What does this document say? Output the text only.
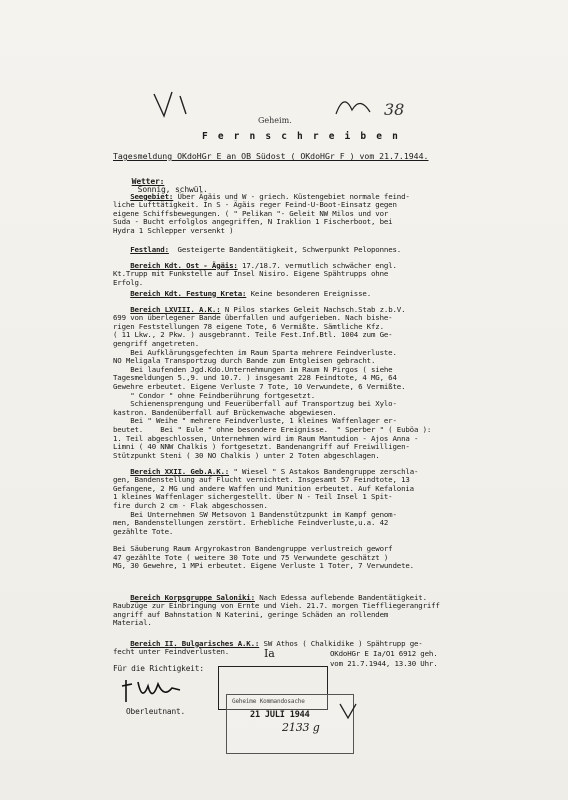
Geheim.
38
F e r n s c h r e i b e n
Tagesmeldung OKdoHGr E an OB Südost ( OKdoHGr F ) vom 21.7.1944.

Wetter:
Sonnig, schwül.

Seegebiet: Über Ägäis und W - griech. Küstengebiet normale feind-
liche Lufttätigkeit. In S - Ägäis reger Feind-U-Boot-Einsatz gegen
eigene Schiffsbewegungen. ( " Pelikan "- Geleit NW Milos und vor
Suda - Bucht erfolglos angegriffen, N Iraklion 1 Fischerboot, bei
Hydra 1 Schlepper versenkt )

Festland: Gesteigerte Bandentätigkeit, Schwerpunkt Peloponnes.

Bereich Kdt. Ost - Ägäis: 17./18.7. vermutlich schwächer engl.
Kt.Trupp mit Funkstelle auf Insel Nisiro. Eigene Spähtrupps ohne
Erfolg.

Bereich Kdt. Festung Kreta: Keine besonderen Ereignisse.

Bereich LXVIII. A.K.: N Pilos starkes Geleit Nachsch.Stab z.b.V.
699 von überlegener Bande überfallen und aufgerieben. Nach bishe-
rigen Feststellungen 78 eigene Tote, 6 Vermißte. Sämtliche Kfz.
( 11 Lkw., 2 Pkw. ) ausgebrannt. Teile Fest.Inf.Btl. 1004 zum Ge-
gengriff angetreten.
Bei Aufklärungsgefechten im Raum Sparta mehrere Feindverluste.
NO Meligala Transportzug durch Bande zum Entgleisen gebracht.
Bei laufenden Jgd.Kdo.Unternehmungen im Raum N Pirgos ( siehe
Tagesmeldungen 5.,9. und 10.7. ) insgesamt 228 Feindtote, 4 MG, 64
Gewehre erbeutet. Eigene Verluste 7 Tote, 10 Verwundete, 6 Vermißte.
" Condor " ohne Feindberührung fortgesetzt.
Schienensprengung und Feuerüberfall auf Transportzug bei Xylo-
kastron. Bandenüberfall auf Brückenwache abgewiesen.
Bei " Weihe " mehrere Feindverluste, 1 kleines Waffenlager er-
beutet.    Bei " Eule " ohne besondere Ereignisse.  " Sperber " ( Euböa ):
1. Teil abgeschlossen, Unternehmen wird im Raum Mantudion - Ajos Anna -
Limni ( 40 NNW Chalkis ) fortgesetzt. Bandenangriff auf Freiwilligen-
Stützpunkt Steni ( 30 NO Chalkis ) unter 2 Toten abgeschlagen.

Bereich XXII. Geb.A.K.: " Wiesel " S Astakos Bandengruppe zerschla-
gen, Bandenstellung auf Flucht vernichtet. Insgesamt 57 Feindtote, 13
Gefangene, 2 MG und andere Waffen und Munition erbeutet. Auf Kefalonia
1 kleines Waffenlager sichergestellt. Über N - Teil Insel 1 Spit-
fire durch 2 cm - Flak abgeschossen.
Bei Unternehmen SW Metsovon 1 Bandenstützpunkt im Kampf genom-
men, Bandenstellungen zerstört. Erhebliche Feindverluste,u.a. 42
gezählte Tote.

Bei Säuberung Raum Argyrokastron Bandengruppe verlustreich geworf
47 gezählte Tote ( weitere 30 Tote und 75 Verwundete geschätzt )
MG, 30 Gewehre, 1 MPi erbeutet. Eigene Verluste 1 Toter, 7 Verwundete.

Bereich Korpsgruppe Saloniki: Nach Edessa auflebende Bandentätigkeit.
Raubzüge zur Einbringung von Ernte und Vieh. 21.7. morgen Tieffliegerangriff
angriff auf Bahnstation N Katerini, geringe Schäden an rollendem
Material.

Bereich II. Bulgarisches A.K.: SW Athos ( Chalkidike ) Spähtrupp ge-
fecht unter Feindverlusten.
Für die Richtigkeit:
Oberleutnant.
OKdoHGr E Ia/O1 6912 geh.
vom 21.7.1944, 13.30 Uhr.
Ia
Geheime Kommandosache
21 JULI 1944
2133 g
